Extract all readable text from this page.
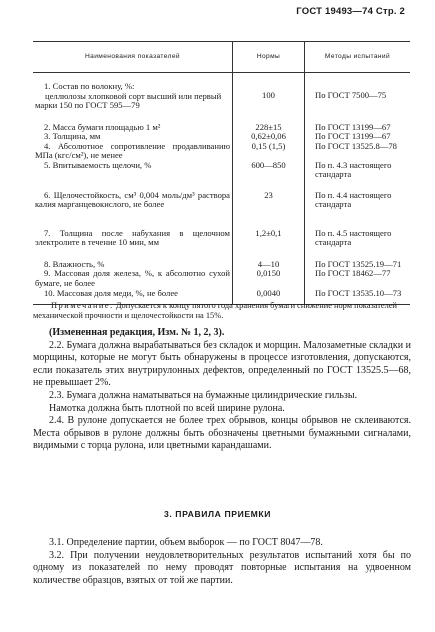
ГОСТ 19493—74 Стр. 2
Наименования показателей	Нормы	Методы испытаний

1. Состав по волокну, %:
целлюлозы хлопковой сорт высший или первый марки 150 по ГОСТ 595—79	100	По ГОСТ 7500—75
2. Масса бумаги площадью 1 м²	228±15	По ГОСТ 13199—67
3. Толщина, мм	0,62±0,06	По ГОСТ 13199—67
4. Абсолютное сопротивление продавливанию МПа (кгс/см²), не менее	0,15 (1,5)	По ГОСТ 13525.8—78
5. Впитываемость щелочи, %	600—850	По п. 4.3 настоящего стандарта
6. Щелочестойкость, см³ 0,004 моль/дм³ раствора калия марганцевокислого, не более	23	По п. 4.4 настоящего стандарта
7. Толщина после набухания в щелочном электролите в течение 10 мин, мм	1,2±0,1	По п. 4.5 настоящего стандарта
8. Влажность, %	4—10	По ГОСТ 13525.19—71
9. Массовая доля железа, %, к абсолютно сухой бумаге, не более	0,0150	По ГОСТ 18462—77
10. Массовая доля меди, %, не более	0,0040	По ГОСТ 13535.10—73
Примечание. Допускается к концу пятого года хранения бумаги снижение норм показателей механической прочности и щелочестойкости на 15%.

(Измененная редакция, Изм. № 1, 2, 3).

2.2. Бумага должна вырабатываться без складок и морщин. Малозаметные складки и морщины, которые не могут быть обнаружены в процессе изготовления, допускаются, если показатель этих внутрирулонных дефектов, определенный по ГОСТ 13525.5—68, не превышает 2%.

2.3. Бумага должна наматываться на бумажные цилиндрические гильзы.

Намотка должна быть плотной по всей ширине рулона.

2.4. В рулоне допускается не более трех обрывов, концы обрывов не склеиваются. Места обрывов в рулоне должны быть обозначены цветными бумажными сигналами, видимыми с торца рулона, или цветными карандашами.

3. ПРАВИЛА ПРИЕМКИ

3.1. Определение партии, объем выборок — по ГОСТ 8047—78.

3.2. При получении неудовлетворительных результатов испытаний хотя бы по одному из показателей по нему проводят повторные испытания на удвоенном количестве образцов, взятых от той же партии.
